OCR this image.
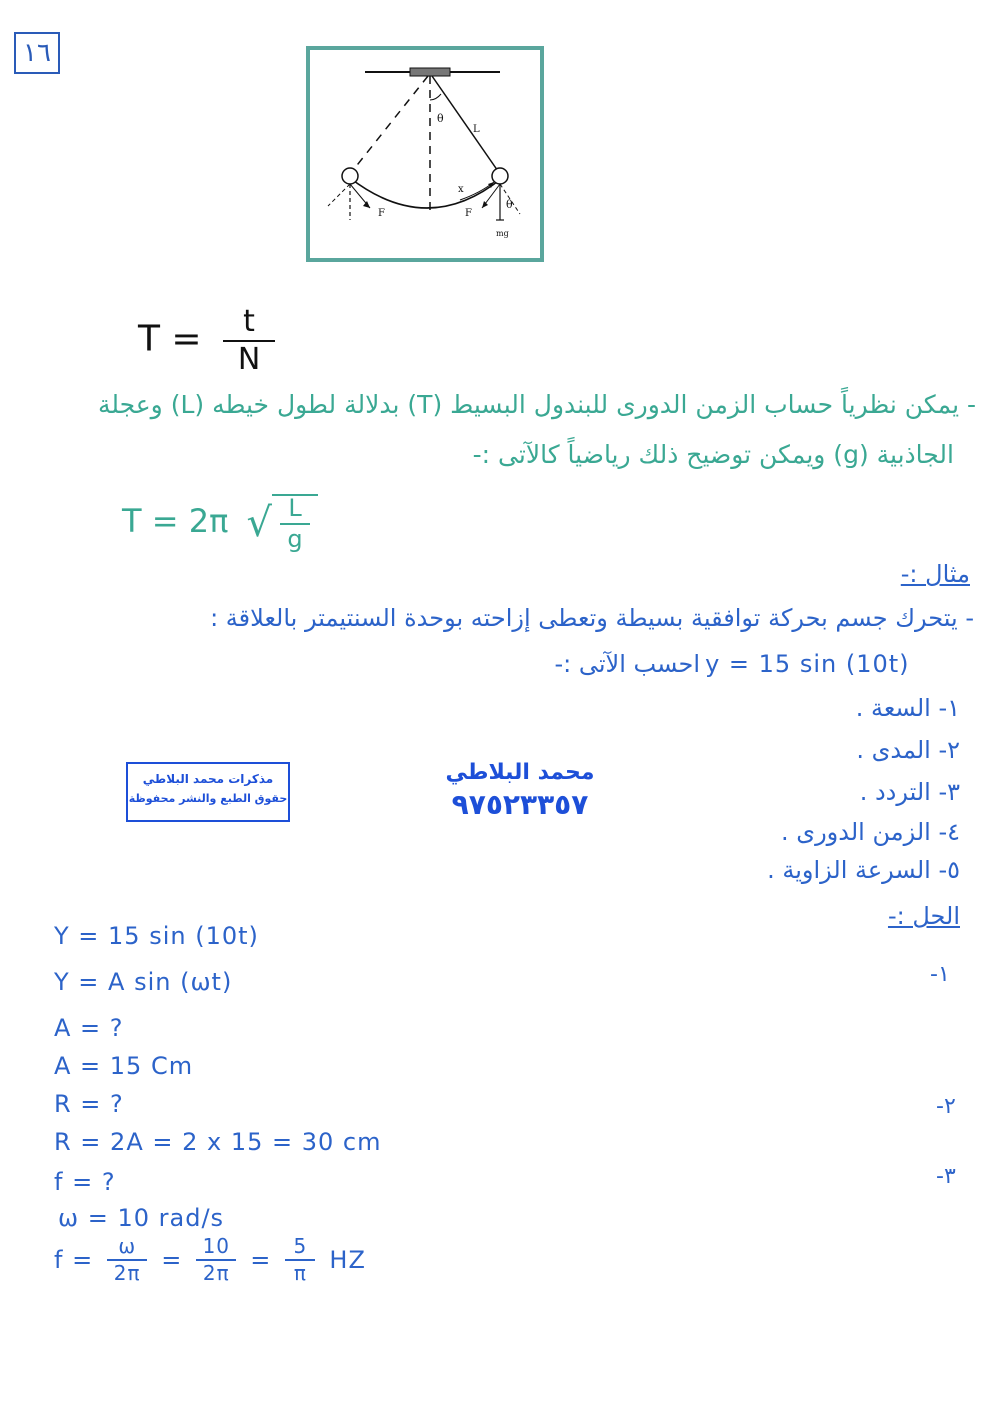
١٦
θ
L
x
F	F
θ
mg
$T = \frac{t}{N}$
- يمكن نظرياً حساب الزمن الدورى للبندول البسيط (T) بدلالة لطول خيطه (L) وعجلة
الجاذبية (g) ويمكن توضيح ذلك رياضياً كالآتى :-
T = 2π √ $\frac{L}{g}$
مثال :-
- يتحرك جسم بحركة توافقية بسيطة وتعطى إزاحته بوحدة السنتيمتر بالعلاقة :
احسب الآتى :- y = 15 sin (10t)
١- السعة .
٢- المدى .
٣- التردد .
٤- الزمن الدورى .
٥- السرعة الزاوية .
مذكرات محمد البلاطي
حقوق الطبع والنشر محفوظة
محمد البلاطي
٩٧٥٢٣٣٥٧
الحل :-
-١
-٢
-٣
Y = 15 sin (10t)
Y = A sin (ωt)
A = ?
A = 15 Cm
R = ?
R = 2A = 2 x 15 = 30 cm
f = ?
ω = 10 rad/s
$f = \frac{\omega}{2\pi} = \frac{10}{2\pi} = \frac{5}{\pi}$ HZ
